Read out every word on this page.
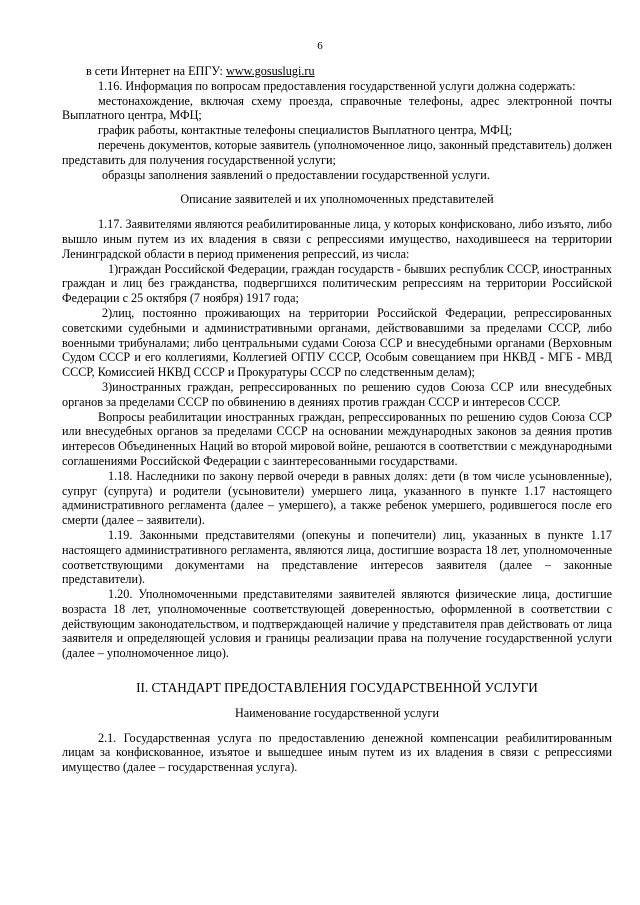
6

в сети Интернет на ЕПГУ: www.gosuslugi.ru

1.16. Информация по вопросам предоставления государственной услуги должна содержать:

местонахождение, включая схему проезда, справочные телефоны, адрес электронной почты Выплатного центра, МФЦ;

график работы, контактные телефоны специалистов Выплатного центра, МФЦ;

перечень документов, которые заявитель (уполномоченное лицо, законный представитель) должен представить для получения государственной услуги;

образцы заполнения заявлений о предоставлении государственной услуги.

Описание заявителей и их уполномоченных представителей

1.17. Заявителями являются реабилитированные лица, у которых конфисковано, либо изъято, либо вышло иным путем из их владения в связи с репрессиями имущество, находившееся на территории Ленинградской области в период применения репрессий, из числа:

1)граждан Российской Федерации, граждан государств - бывших республик СССР, иностранных граждан и лиц без гражданства, подвергшихся политическим репрессиям на территории Российской Федерации с 25 октября (7 ноября) 1917 года;

2)лиц, постоянно проживающих на территории Российской Федерации, репрессированных советскими судебными и административными органами, действовавшими за пределами СССР, либо военными трибуналами; либо центральными судами Союза ССР и внесудебными органами (Верховным Судом СССР и его коллегиями, Коллегией ОГПУ СССР, Особым совещанием при НКВД - МГБ - МВД СССР, Комиссией НКВД СССР и Прокуратуры СССР по следственным делам);

3)иностранных граждан, репрессированных по решению судов Союза ССР или внесудебных органов за пределами СССР по обвинению в деяниях против граждан СССР и интересов СССР.

Вопросы реабилитации иностранных граждан, репрессированных по решению судов Союза ССР или внесудебных органов за пределами СССР на основании международных законов за деяния против интересов Объединенных Наций во второй мировой войне, решаются в соответствии с международными соглашениями Российской Федерации с заинтересованными государствами.

1.18. Наследники по закону первой очереди в равных долях: дети (в том числе усыновленные), супруг (супруга) и родители (усыновители) умершего лица, указанного в пункте 1.17 настоящего административного регламента (далее – умершего), а также ребенок умершего, родившегося после его смерти (далее – заявители).

1.19. Законными представителями (опекуны и попечители) лиц, указанных в пункте 1.17 настоящего административного регламента, являются лица, достигшие возраста 18 лет, уполномоченные соответствующими документами на представление интересов заявителя (далее – законные представители).

1.20. Уполномоченными представителями заявителей являются физические лица, достигшие возраста 18 лет, уполномоченные соответствующей доверенностью, оформленной в соответствии с действующим законодательством, и подтверждающей наличие у представителя прав действовать от лица заявителя и определяющей условия и границы реализации права на получение государственной услуги (далее – уполномоченное лицо).

II. СТАНДАРТ ПРЕДОСТАВЛЕНИЯ ГОСУДАРСТВЕННОЙ УСЛУГИ

Наименование государственной услуги

2.1. Государственная услуга по предоставлению денежной компенсации реабилитированным лицам за конфискованное, изъятое и вышедшее иным путем из их владения в связи с репрессиями имущество (далее – государственная услуга).
